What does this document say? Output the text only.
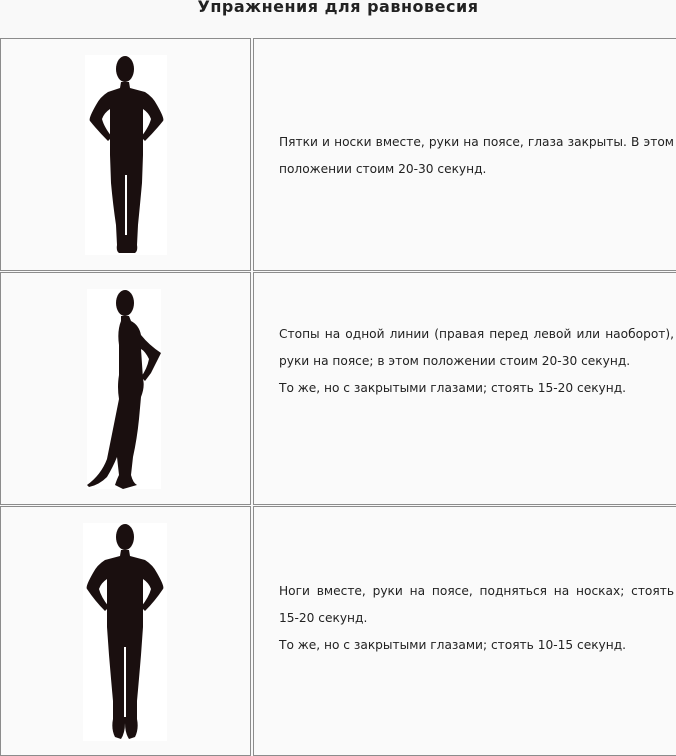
Упражнения для равновесия

Пятки и носки вместе, руки на поясе, глаза закрыты. В этом положении стоим 20-30 секунд.

Стопы на одной линии (правая перед левой или наоборот), руки на поясе; в этом положении стоим 20-30 секунд.

То же, но с закрытыми глазами; стоять 15-20 секунд.

Ноги вместе, руки на поясе, подняться на носках; стоять 15-20 секунд.

То же, но с закрытыми глазами; стоять 10-15 секунд.
